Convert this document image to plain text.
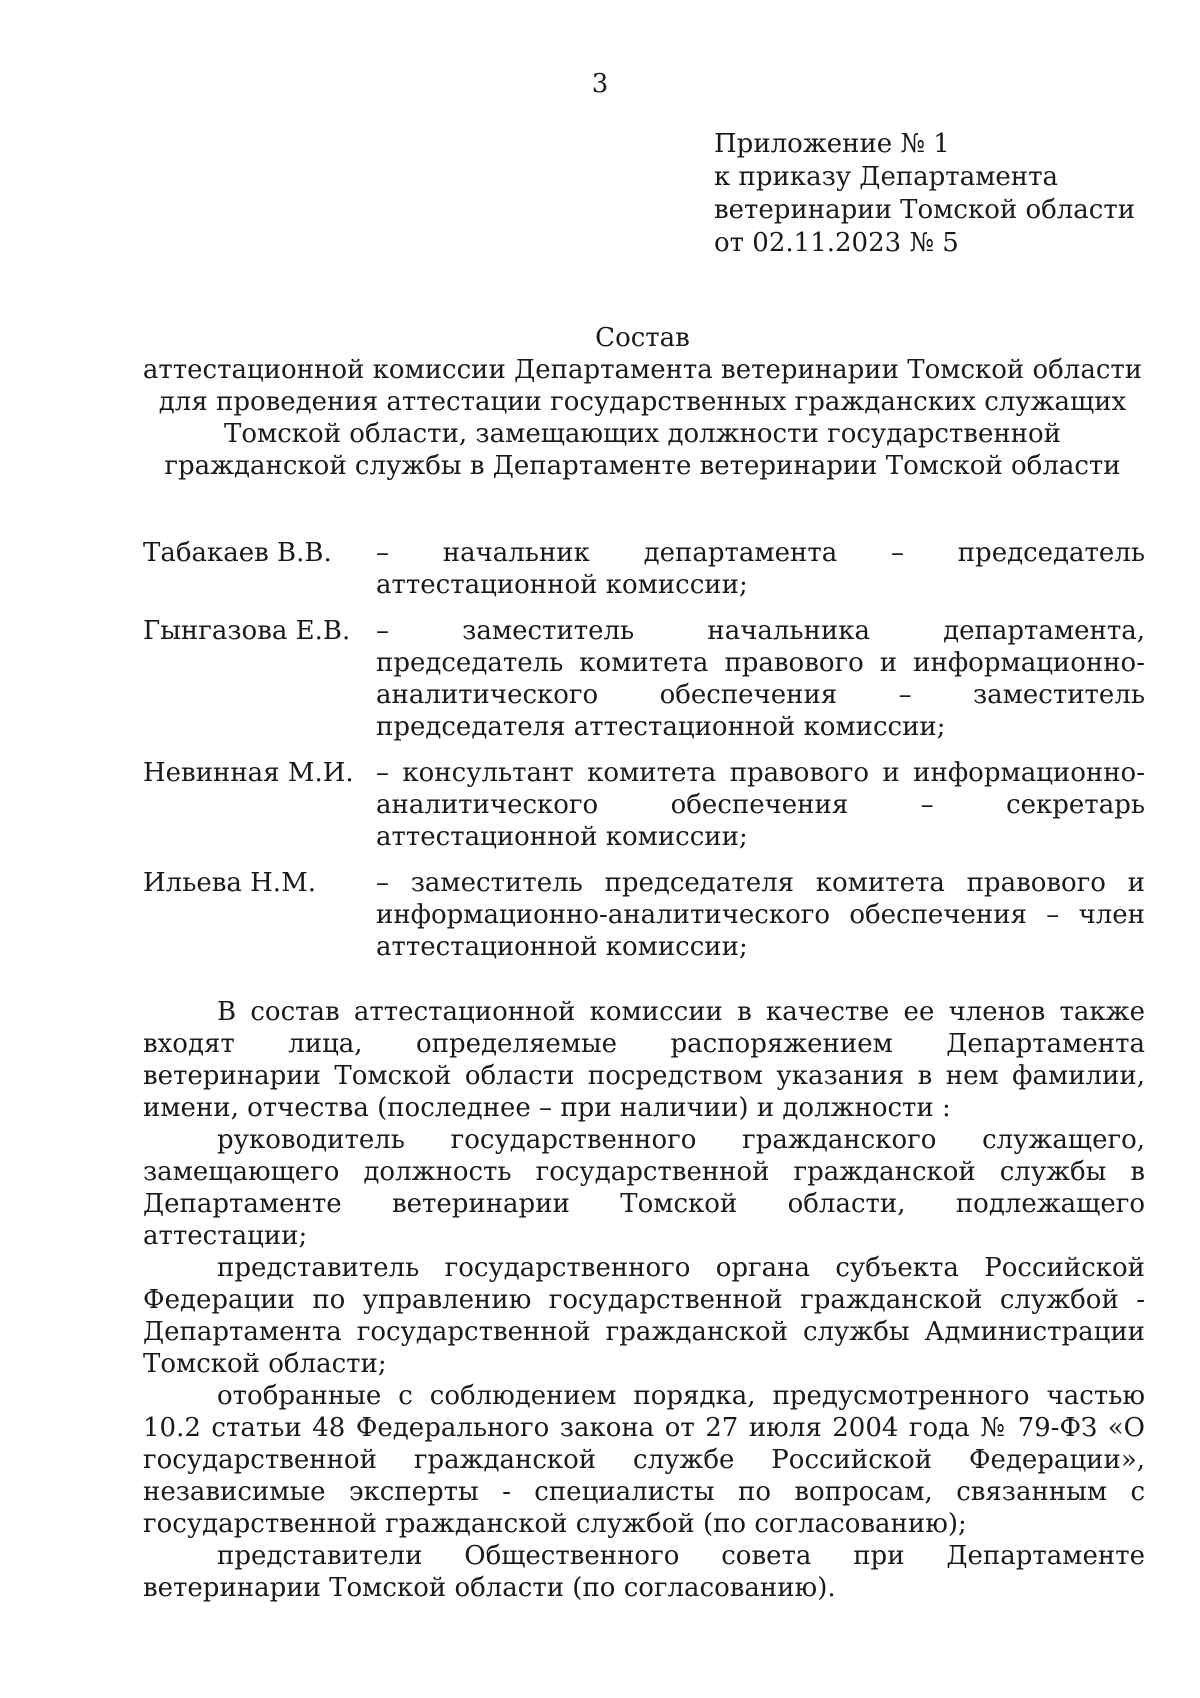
3
Приложение № 1
к приказу Департамента
ветеринарии Томской области
от 02.11.2023 № 5
Состав
аттестационной комиссии Департамента ветеринарии Томской области для проведения аттестации государственных гражданских служащих Томской области, замещающих должности государственной гражданской службы в Департаменте ветеринарии Томской области
Табакаев В.В.	– начальник департамента – председатель аттестационной комиссии;
Гынгазова Е.В. – заместитель начальника департамента, председатель комитета правового и информационно-аналитического обеспечения – заместитель председателя аттестационной комиссии;
Невинная М.И. – консультант комитета правового и информационно-аналитического обеспечения – секретарь аттестационной комиссии;
Ильева Н.М.	– заместитель председателя комитета правового и информационно-аналитического обеспечения – член аттестационной комиссии;

В состав аттестационной комиссии в качестве ее членов также входят лица, определяемые распоряжением Департамента ветеринарии Томской области посредством указания в нем фамилии, имени, отчества (последнее – при наличии) и должности :

руководитель государственного гражданского служащего, замещающего должность государственной гражданской службы в Департаменте ветеринарии Томской области, подлежащего аттестации;

представитель государственного органа субъекта Российской Федерации по управлению государственной гражданской службой - Департамента государственной гражданской службы Администрации Томской области;

отобранные с соблюдением порядка, предусмотренного частью 10.2 статьи 48 Федерального закона от 27 июля 2004 года № 79-ФЗ «О государственной гражданской службе Российской Федерации», независимые эксперты - специалисты по вопросам, связанным с государственной гражданской службой (по согласованию);

представители Общественного совета при Департаменте ветеринарии Томской области (по согласованию).
